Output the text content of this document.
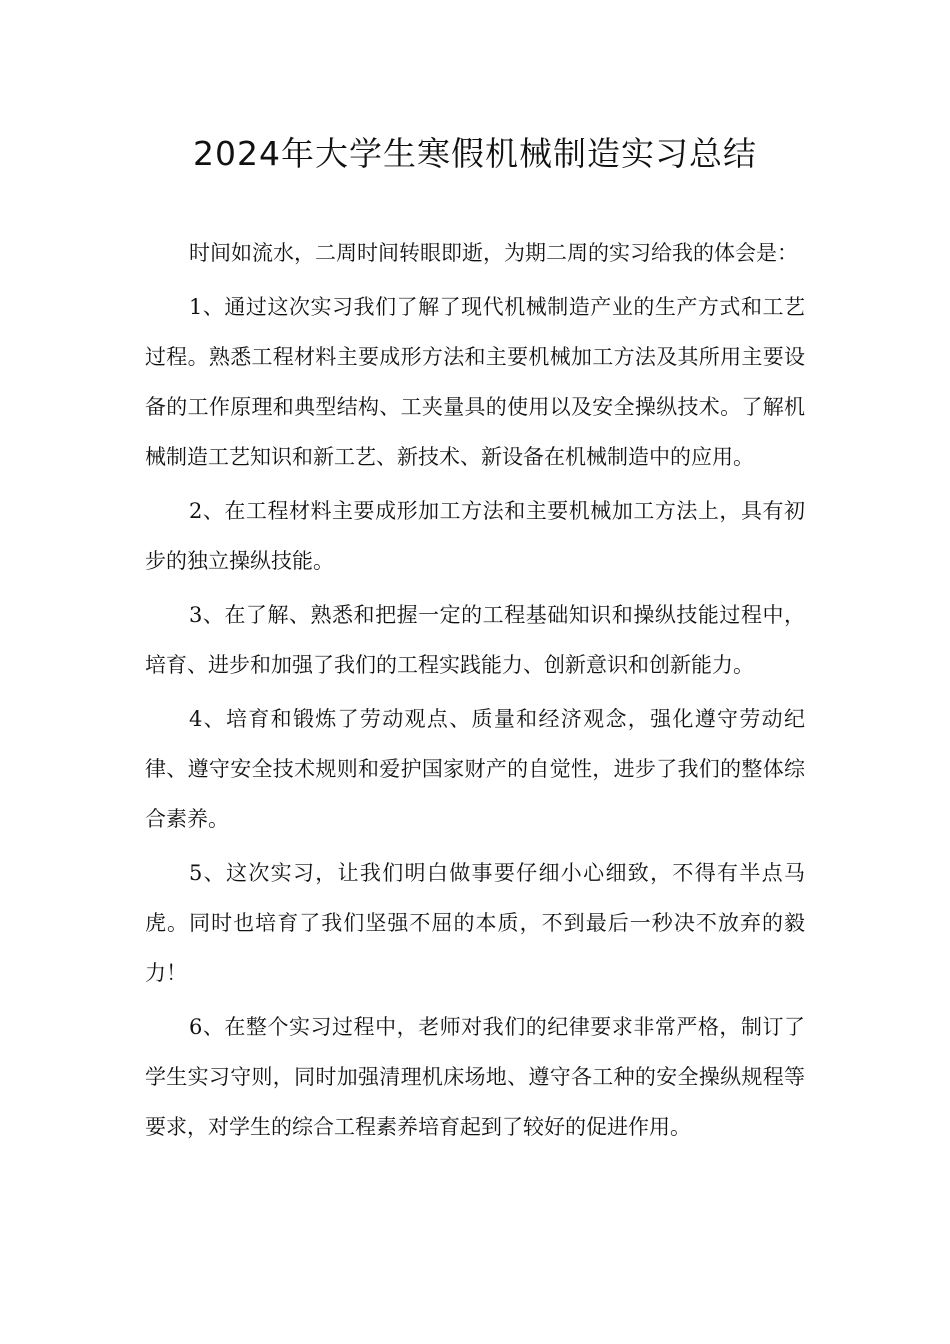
2024年大学生寒假机械制造实习总结

时间如流水，二周时间转眼即逝，为期二周的实习给我的体会是：

1、通过这次实习我们了解了现代机械制造产业的生产方式和工艺过程。熟悉工程材料主要成形方法和主要机械加工方法及其所用主要设备的工作原理和典型结构、工夹量具的使用以及安全操纵技术。了解机械制造工艺知识和新工艺、新技术、新设备在机械制造中的应用。

2、在工程材料主要成形加工方法和主要机械加工方法上，具有初步的独立操纵技能。

3、在了解、熟悉和把握一定的工程基础知识和操纵技能过程中，培育、进步和加强了我们的工程实践能力、创新意识和创新能力。

4、培育和锻炼了劳动观点、质量和经济观念，强化遵守劳动纪律、遵守安全技术规则和爱护国家财产的自觉性，进步了我们的整体综合素养。

5、这次实习，让我们明白做事要仔细小心细致，不得有半点马虎。同时也培育了我们坚强不屈的本质，不到最后一秒决不放弃的毅力！

6、在整个实习过程中，老师对我们的纪律要求非常严格，制订了学生实习守则，同时加强清理机床场地、遵守各工种的安全操纵规程等要求，对学生的综合工程素养培育起到了较好的促进作用。
